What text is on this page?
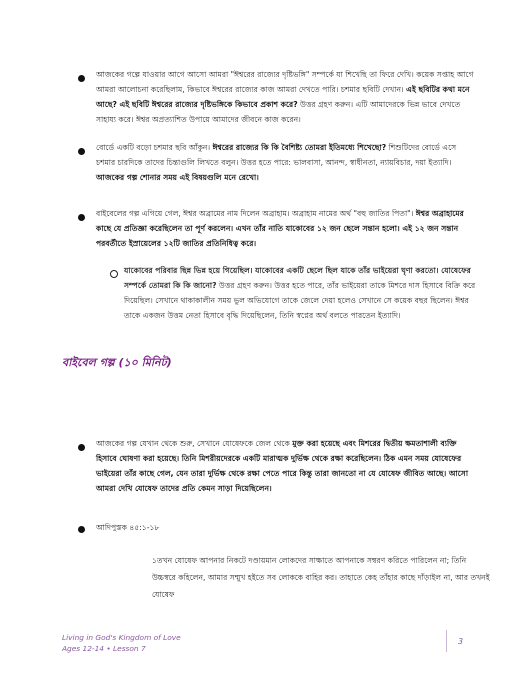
আজকের গল্পে যাওয়ার আগে আসো আমরা "ঈশ্বরের রাজ্যের দৃষ্টিভঙ্গি" সম্পর্কে যা শিখেছি তা ফিরে দেখি। কয়েক সপ্তাহ আগে আমরা আলোচনা করেছিলাম, কিভাবে ঈশ্বরের রাজ্যের কাজ আমরা দেখতে পারি। চশমার ছবিটি দেখান। এই ছবিটির কথা মনে আছে? এই ছবিটি ঈশ্বরের রাজ্যের দৃষ্টিভঙ্গিকে কিভাবে প্রকাশ করে? উত্তর গ্রহণ করুন। এটি আমাদেরকে ভিন্ন ভাবে দেখতে সাহায্য করে। ঈশ্বর অপ্রত্যাশিত উপায়ে আমাদের জীবনে কাজ করেন।
বোর্ডে একটি বড়ো চশমার ছবি আঁকুন। ঈশ্বরের রাজ্যের কি কি বৈশিষ্ট্য তোমরা ইতিমধ্যে শিখেছো? শিশুটিদের বোর্ডে এসে চশমার চারদিকে তাদের চিন্তাগুলি লিখতে বলুন। উত্তর হতে পারে: ভালবাসা, আনন্দ, স্বাধীনতা, ন্যায়বিচার, দয়া ইত্যাদি। আজকের গল্প শোনার সময় এই বিষয়গুলি মনে রেখো।
বাইবেলের গল্প এগিয়ে গেল, ঈশ্বর অব্রামের নাম দিলেন অব্রাহাম। অব্রাহাম নামের অর্থ "বহু জাতির পিতা"। ঈশ্বর অব্রাহামের কাছে যে প্রতিজ্ঞা করেছিলেন তা পূর্ণ করলেন। এখন তাঁর নাতি যাকোবের ১২ জন ছেলে সন্তান হলো। এই ১২ জন সন্তান পরবর্তীতে ইস্রায়েলের ১২টি জাতির প্রতিনিধিত্ব করে।
যাকোবের পরিবার ছিন্ন ভিন্ন হয়ে গিয়েছিল। যাকোবের একটি ছেলে ছিল যাকে তাঁর ভাইয়েরা ঘৃণা করতো। যোষেফের সম্পর্কে তোমরা কি কি জানো? উত্তর গ্রহণ করুন। উত্তর হতে পারে, তাঁর ভাইয়েরা তাকে মিশরে দাস হিসাবে বিক্রি করে দিয়েছিল। সেখানে থাকাকালীন সময় ভুল অভিযোগে তাকে জেলে দেয়া হলেও সেখানে সে কয়েক বছর ছিলেন। ঈশ্বর তাকে একজন উত্তম নেতা হিসাবে বৃদ্ধি দিয়েছিলেন, তিনি স্বপ্নের অর্থ বলতে পারতেন ইত্যাদি।
বাইবেল গল্প (১০ মিনিট)
আজকের গল্প যেখান থেকে শুরু, সেখানে যোষেফকে জেল থেকে মুক্ত করা হয়েছে এবং মিশরের দ্বিতীয় ক্ষমতাশালী ব্যক্তি হিসাবে ঘোষণা করা হয়েছে। তিনি মিশরীয়দেরকে একটি মারাত্মক দুর্ভিক্ষ থেকে রক্ষা করেছিলেন। ঠিক এমন সময় যোষেফের ভাইয়েরা তাঁর কাছে গেল, যেন তারা দুর্ভিক্ষ থেকে রক্ষা পেতে পারে কিন্তু তারা জানতো না যে যোষেফ জীবিত আছে। আসো আমরা দেখি যোষেফ তাদের প্রতি কেমন সাড়া দিয়েছিলেন।
আদিপুস্তক ৪৫:১-১৮
১তখন যোষেফ আপনার নিকটে দণ্ডায়মান লোকদের সাক্ষাতে আপনাকে সম্বরণ করিতে পারিলেন না; তিনি উচ্চস্বরে কহিলেন, আমার সম্মুখ হইতে সব লোককে বাহির কর। তাহাতে কেহ তাঁহার কাছে দাঁড়াইল না, আর তখনই যোষেফ
Living in God's Kingdom of Love
Ages 12-14 • Lesson 7
3
